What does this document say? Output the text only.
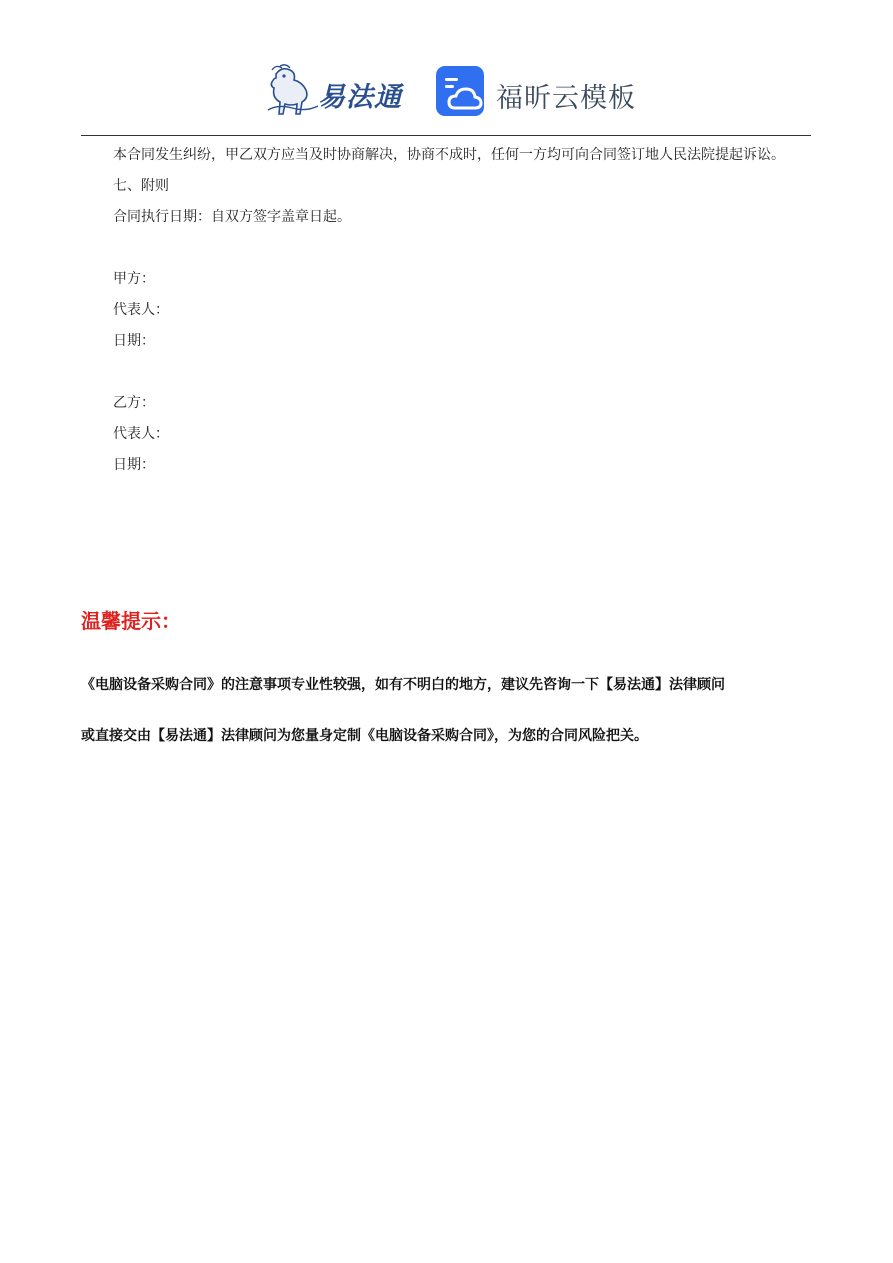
易法通	福昕云模板

本合同发生纠纷，甲乙双方应当及时协商解决，协商不成时，任何一方均可向合同签订地人民法院提起诉讼。

七、附则

合同执行日期：自双方签字盖章日起。

甲方：

代表人：

日期：

乙方：

代表人：

日期：

温馨提示：

《电脑设备采购合同》的注意事项专业性较强，如有不明白的地方，建议先咨询一下【易法通】法律顾问

或直接交由【易法通】法律顾问为您量身定制《电脑设备采购合同》，为您的合同风险把关。
